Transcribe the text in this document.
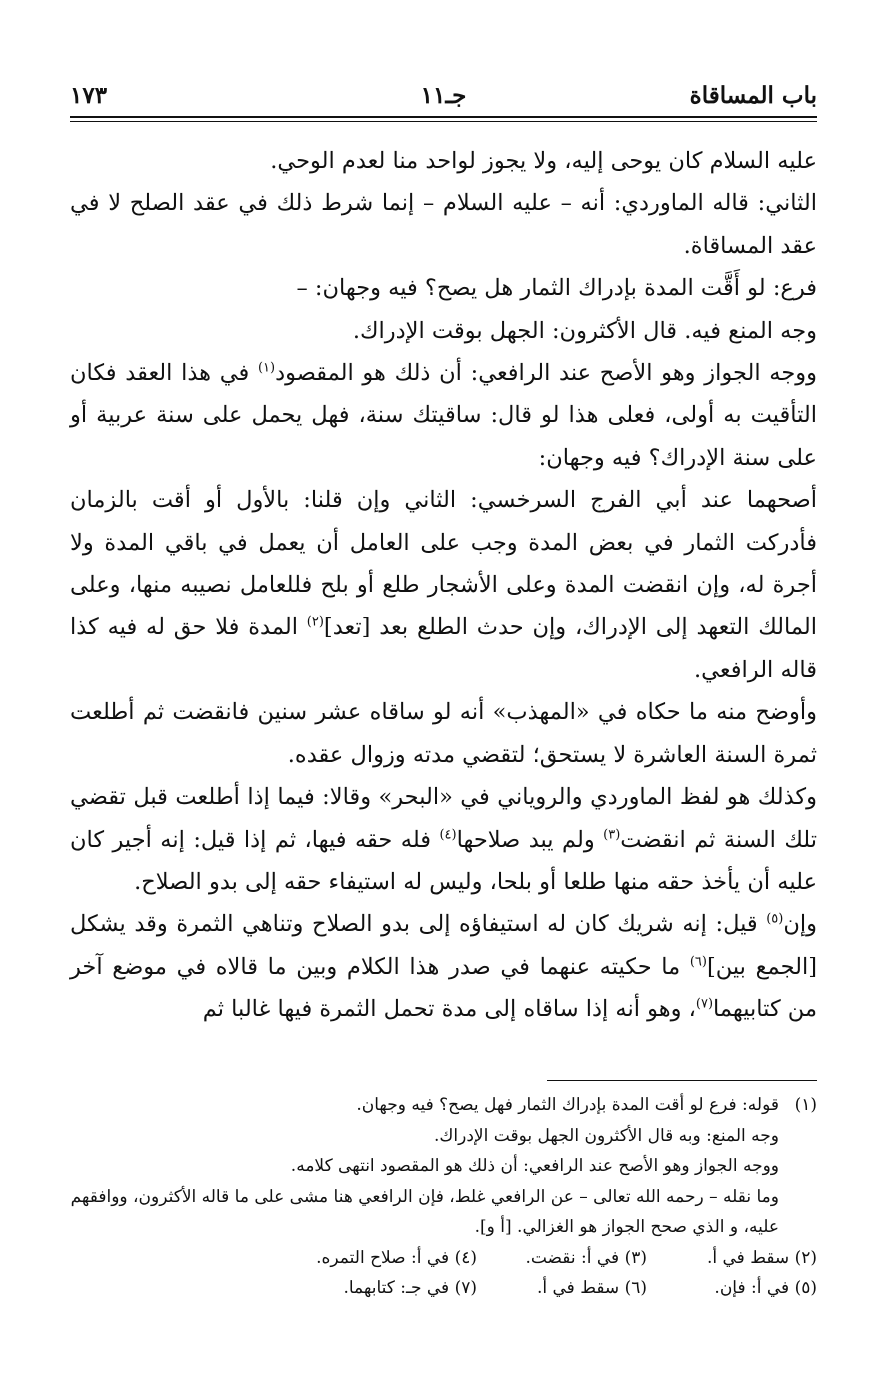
باب المساقاة
جـ١١
١٧٣

عليه السلام كان يوحى إليه، ولا يجوز لواحد منا لعدم الوحي.

الثاني: قاله الماوردي: أنه – عليه السلام – إنما شرط ذلك في عقد الصلح لا في عقد المساقاة.

فرع: لو أَقَّت المدة بإدراك الثمار هل يصح؟ فيه وجهان: –

وجه المنع فيه. قال الأكثرون: الجهل بوقت الإدراك.

ووجه الجواز وهو الأصح عند الرافعي: أن ذلك هو المقصود$^{(١)}$ في هذا العقد فكان التأقيت به أولى، فعلى هذا لو قال: ساقيتك سنة، فهل يحمل على سنة عربية أو على سنة الإدراك؟ فيه وجهان:

أصحهما عند أبي الفرج السرخسي: الثاني وإن قلنا: بالأول أو أقت بالزمان فأدركت الثمار في بعض المدة وجب على العامل أن يعمل في باقي المدة ولا أجرة له، وإن انقضت المدة وعلى الأشجار طلع أو بلح فللعامل نصيبه منها، وعلى المالك التعهد إلى الإدراك، وإن حدث الطلع بعد [تعد]$^{(٢)}$ المدة فلا حق له فيه كذا قاله الرافعي.

وأوضح منه ما حكاه في «المهذب» أنه لو ساقاه عشر سنين فانقضت ثم أطلعت ثمرة السنة العاشرة لا يستحق؛ لتقضي مدته وزوال عقده.

وكذلك هو لفظ الماوردي والروياني في «البحر» وقالا: فيما إذا أطلعت قبل تقضي تلك السنة ثم انقضت$^{(٣)}$ ولم يبد صلاحها$^{(٤)}$ فله حقه فيها، ثم إذا قيل: إنه أجير كان عليه أن يأخذ حقه منها طلعا أو بلحا، وليس له استيفاء حقه إلى بدو الصلاح.

وإن$^{(٥)}$ قيل: إنه شريك كان له استيفاؤه إلى بدو الصلاح وتناهي الثمرة وقد يشكل [الجمع بين]$^{(٦)}$ ما حكيته عنهما في صدر هذا الكلام وبين ما قالاه في موضع آخر من كتابيهما$^{(٧)}$، وهو أنه إذا ساقاه إلى مدة تحمل الثمرة فيها غالبا ثم

(١)قوله: فرع لو أقت المدة بإدراك الثمار فهل يصح؟ فيه وجهان.

وجه المنع: وبه قال الأكثرون الجهل بوقت الإدراك.

ووجه الجواز وهو الأصح عند الرافعي: أن ذلك هو المقصود انتهى كلامه.

وما نقله – رحمه الله تعالى – عن الرافعي غلط، فإن الرافعي هنا مشى على ما قاله الأكثرون، ووافقهم عليه، و الذي صحح الجواز هو الغزالي. [أ و].

(٢) سقط في أ.
(٣) في أ: نقضت.
(٤) في أ: صلاح التمره.
(٥) في أ: فإن.
(٦) سقط في أ.
(٧) في جـ: كتابهما.
